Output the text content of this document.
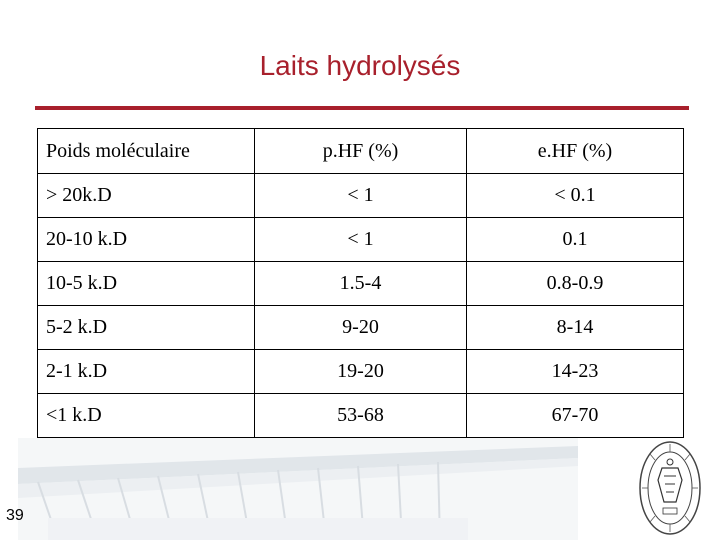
Laits hydrolysés
Poids moléculaire	p.HF (%)	e.HF (%)
> 20k.D	< 1	< 0.1
20-10 k.D	< 1	0.1
10-5 k.D	1.5-4	0.8-0.9
5-2 k.D	9-20	8-14
2-1 k.D	19-20	14-23
<1 k.D	53-68	67-70
39
